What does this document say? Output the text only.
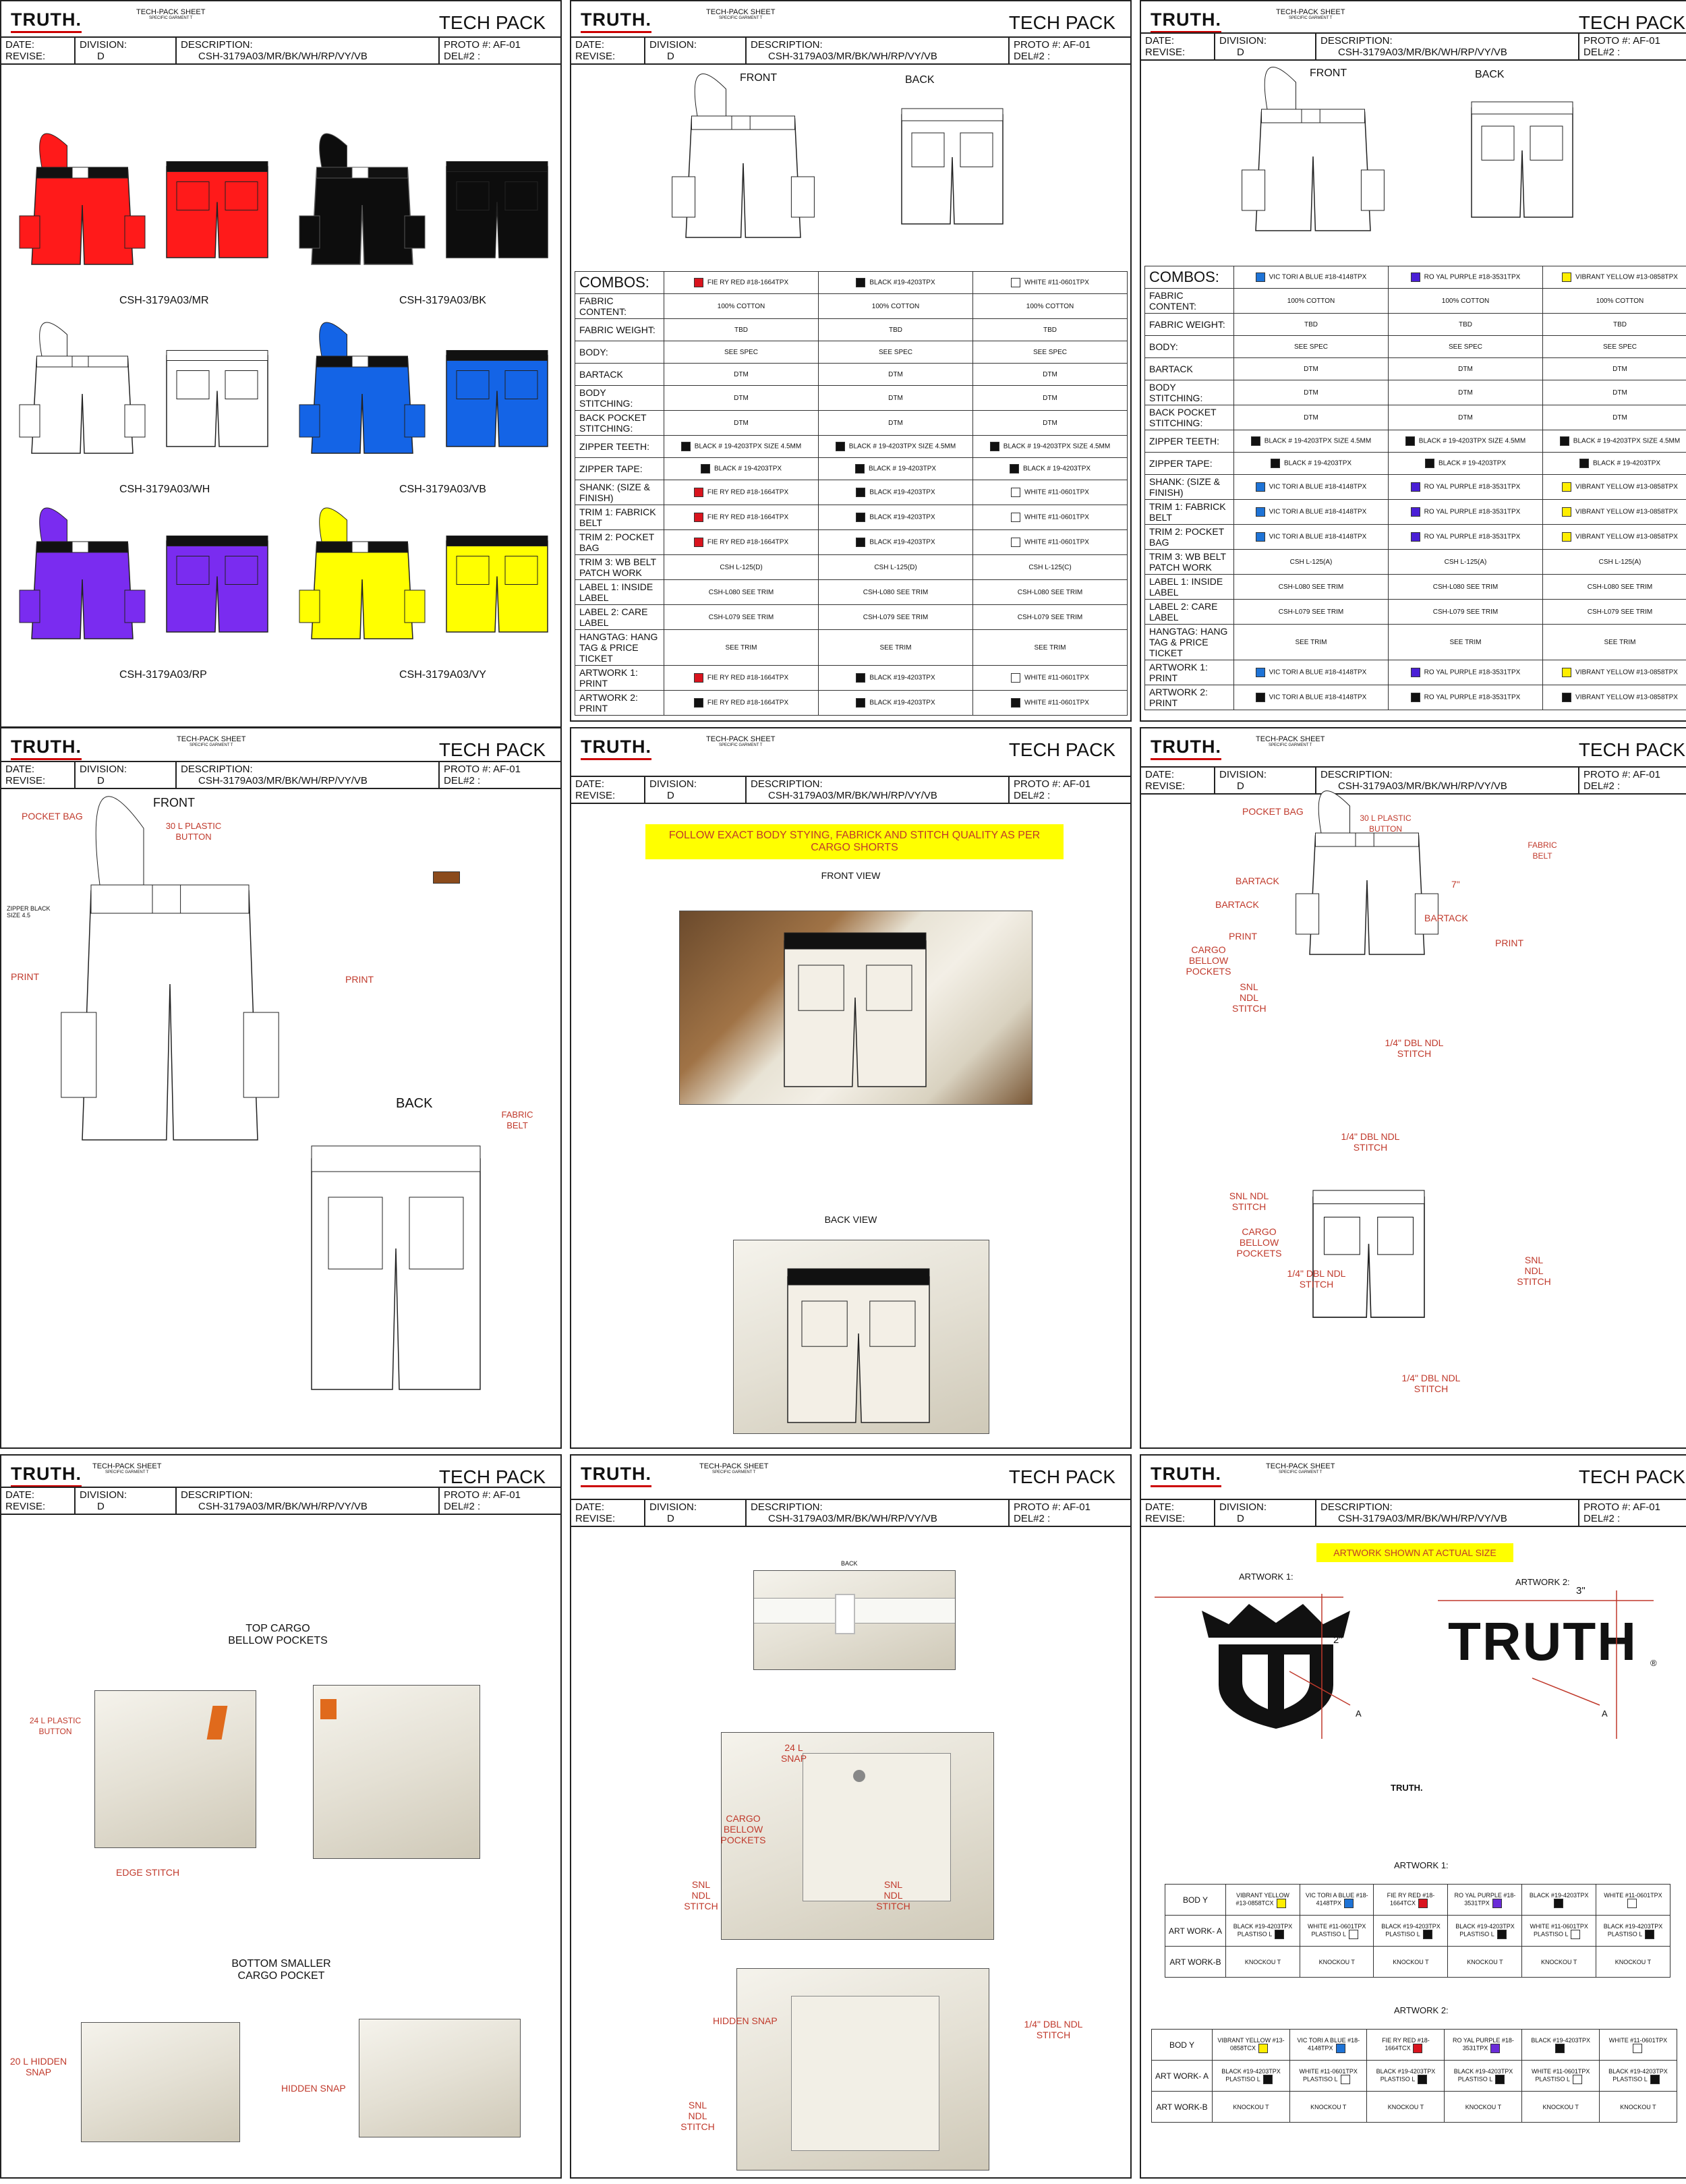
TRUTH.	TECH-PACK SHEET
SPECIFIC GARMENT T	TECH PACK
DATE:
REVISE:
DIVISION:
D
DESCRIPTION:
CSH-3179A03/MR/BK/WH/RP/VY/VB
PROTO #: AF-01
DEL#2 :
CSH-3179A03/MR	CSH-3179A03/BK
CSH-3179A03/WH	CSH-3179A03/VB
CSH-3179A03/RP	CSH-3179A03/VY
TRUTH.	TECH-PACK SHEET
SPECIFIC GARMENT T	TECH PACK
DATE:
REVISE:
DIVISION:
D
DESCRIPTION:
CSH-3179A03/MR/BK/WH/RP/VY/VB
PROTO #: AF-01
DEL#2 :
FRONT	BACK
COMBOS:	FIE RY RED #18-1664TPX	BLACK #19-4203TPX	WHITE #11-0601TPX
FABRIC CONTENT:	100% COTTON	100% COTTON	100% COTTON
FABRIC WEIGHT:	TBD	TBD	TBD
BODY:	SEE SPEC	SEE SPEC	SEE SPEC
BARTACK	DTM	DTM	DTM
BODY STITCHING:	DTM	DTM	DTM
BACK POCKET STITCHING:	DTM	DTM	DTM
ZIPPER TEETH:	BLACK # 19-4203TPX SIZE 4.5MM	BLACK # 19-4203TPX SIZE 4.5MM	BLACK # 19-4203TPX SIZE 4.5MM
ZIPPER TAPE:	BLACK # 19-4203TPX	BLACK # 19-4203TPX	BLACK # 19-4203TPX
SHANK: (SIZE & FINISH)	FIE RY RED #18-1664TPX	BLACK #19-4203TPX	WHITE #11-0601TPX
TRIM 1: FABRICK BELT	FIE RY RED #18-1664TPX	BLACK #19-4203TPX	WHITE #11-0601TPX
TRIM 2: POCKET BAG	FIE RY RED #18-1664TPX	BLACK #19-4203TPX	WHITE #11-0601TPX
TRIM 3: WB BELT PATCH WORK	CSH L-125(D)	CSH L-125(D)	CSH L-125(C)
LABEL 1: INSIDE LABEL	CSH-L080 SEE TRIM	CSH-L080 SEE TRIM	CSH-L080 SEE TRIM
LABEL 2: CARE LABEL	CSH-L079 SEE TRIM	CSH-L079 SEE TRIM	CSH-L079 SEE TRIM
HANGTAG: HANG TAG & PRICE TICKET	SEE TRIM	SEE TRIM	SEE TRIM
ARTWORK 1: PRINT	FIE RY RED #18-1664TPX	BLACK #19-4203TPX	WHITE #11-0601TPX
ARTWORK 2: PRINT	FIE RY RED #18-1664TPX	BLACK #19-4203TPX	WHITE #11-0601TPX
TRUTH.	TECH-PACK SHEET
SPECIFIC GARMENT T	TECH PACK
DATE:
REVISE:
DIVISION:
D
DESCRIPTION:
CSH-3179A03/MR/BK/WH/RP/VY/VB
PROTO #: AF-01
DEL#2 :
FRONT	BACK
COMBOS:	VIC TORI A BLUE #18-4148TPX	RO YAL PURPLE #18-3531TPX	VIBRANT YELLOW #13-0858TPX
FABRIC CONTENT:	100% COTTON	100% COTTON	100% COTTON
FABRIC WEIGHT:	TBD	TBD	TBD
BODY:	SEE SPEC	SEE SPEC	SEE SPEC
BARTACK	DTM	DTM	DTM
BODY STITCHING:	DTM	DTM	DTM
BACK POCKET STITCHING:	DTM	DTM	DTM
ZIPPER TEETH:	BLACK # 19-4203TPX SIZE 4.5MM	BLACK # 19-4203TPX SIZE 4.5MM	BLACK # 19-4203TPX SIZE 4.5MM
ZIPPER TAPE:	BLACK # 19-4203TPX	BLACK # 19-4203TPX	BLACK # 19-4203TPX
SHANK: (SIZE & FINISH)	VIC TORI A BLUE #18-4148TPX	RO YAL PURPLE #18-3531TPX	VIBRANT YELLOW #13-0858TPX
TRIM 1: FABRICK BELT	VIC TORI A BLUE #18-4148TPX	RO YAL PURPLE #18-3531TPX	VIBRANT YELLOW #13-0858TPX
TRIM 2: POCKET BAG	VIC TORI A BLUE #18-4148TPX	RO YAL PURPLE #18-3531TPX	VIBRANT YELLOW #13-0858TPX
TRIM 3: WB BELT PATCH WORK	CSH L-125(A)	CSH L-125(A)	CSH L-125(A)
LABEL 1: INSIDE LABEL	CSH-L080 SEE TRIM	CSH-L080 SEE TRIM	CSH-L080 SEE TRIM
LABEL 2: CARE LABEL	CSH-L079 SEE TRIM	CSH-L079 SEE TRIM	CSH-L079 SEE TRIM
HANGTAG: HANG TAG & PRICE TICKET	SEE TRIM	SEE TRIM	SEE TRIM
ARTWORK 1: PRINT	VIC TORI A BLUE #18-4148TPX	RO YAL PURPLE #18-3531TPX	VIBRANT YELLOW #13-0858TPX
ARTWORK 2: PRINT	VIC TORI A BLUE #18-4148TPX	RO YAL PURPLE #18-3531TPX	VIBRANT YELLOW #13-0858TPX
TRUTH.	TECH-PACK SHEET
SPECIFIC GARMENT T	TECH PACK
DATE:
REVISE:
DIVISION:
D
DESCRIPTION:
CSH-3179A03/MR/BK/WH/RP/VY/VB
PROTO #: AF-01
DEL#2 :
FRONT
BACK
POCKET BAG
30 L PLASTIC BUTTON
ZIPPER BLACK SIZE 4.5
PRINT	PRINT
FABRIC BELT
TRUTH.	TECH-PACK SHEET
SPECIFIC GARMENT T	TECH PACK
DATE:
REVISE:
DIVISION:
D
DESCRIPTION:
CSH-3179A03/MR/BK/WH/RP/VY/VB
PROTO #: AF-01
DEL#2 :
FOLLOW EXACT BODY STYING, FABRICK AND STITCH QUALITY AS PER CARGO SHORTS
FRONT VIEW
BACK VIEW
TRUTH.	TECH-PACK SHEET
SPECIFIC GARMENT T	TECH PACK
DATE:
REVISE:
DIVISION:
D
DESCRIPTION:
CSH-3179A03/MR/BK/WH/RP/VY/VB
PROTO #: AF-01
DEL#2 :
POCKET BAG
30 L PLASTIC BUTTON
FABRIC BELT
BARTACK
BARTACK
BARTACK
7"
PRINT
PRINT
CARGO BELLOW POCKETS
SNL NDL STITCH
1/4" DBL NDL STITCH
1/4" DBL NDL STITCH
SNL NDL STITCH
CARGO BELLOW POCKETS
1/4" DBL NDL STITCH
SNL NDL STITCH
1/4" DBL NDL STITCH
TRUTH. TECH-PACK SHEET
SPECIFIC GARMENT T	TECH PACK
DATE:
REVISE:
DIVISION:
D
DESCRIPTION:
CSH-3179A03/MR/BK/WH/RP/VY/VB
PROTO #: AF-01
DEL#2 :
TOP CARGO BELLOW POCKETS
24 L PLASTIC BUTTON
EDGE STITCH
BOTTOM SMALLER CARGO POCKET
20 L HIDDEN SNAP
HIDDEN SNAP
TRUTH.	TECH-PACK SHEET
SPECIFIC GARMENT T	TECH PACK
DATE:
REVISE:
DIVISION:
D
DESCRIPTION:
CSH-3179A03/MR/BK/WH/RP/VY/VB
PROTO #: AF-01
DEL#2 :
BACK
24 L SNAP
CARGO BELLOW POCKETS
SNL NDL STITCH
SNL NDL STITCH
HIDDEN SNAP	1/4" DBL NDL STITCH
SNL NDL STITCH
TRUTH.	TECH-PACK SHEET
SPECIFIC GARMENT T	TECH PACK
DATE:
REVISE:
DIVISION:
D
DESCRIPTION:
CSH-3179A03/MR/BK/WH/RP/VY/VB
PROTO #: AF-01
DEL#2 :
ARTWORK SHOWN AT ACTUAL SIZE
ARTWORK 1:
ARTWORK 2:
2"
A
3"
TRUTH ®
A
TRUTH.
ARTWORK 1:
BOD Y	VIBRANT YELLOW #13-0858TCX	VIC TORI A BLUE #18-4148TPX	FIE RY RED #18-1664TCX	RO YAL PURPLE #18-3531TPX	BLACK #19-4203TPX	WHITE #11-0601TPX
ART WORK- A	BLACK #19-4203TPX PLASTISO L	WHITE #11-0601TPX PLASTISO L	BLACK #19-4203TPX PLASTISO L	BLACK #19-4203TPX PLASTISO L	WHITE #11-0601TPX PLASTISO L	BLACK #19-4203TPX PLASTISO L
ART WORK-B	KNOCKOU T	KNOCKOU T	KNOCKOU T	KNOCKOU T	KNOCKOU T	KNOCKOU T
ARTWORK 2:
BOD Y	VIBRANT YELLOW #13-0858TCX	VIC TORI A BLUE #18-4148TPX	FIE RY RED #18-1664TCX	RO YAL PURPLE #18-3531TPX	BLACK #19-4203TPX	WHITE #11-0601TPX
ART WORK- A	BLACK #19-4203TPX PLASTISO L	WHITE #11-0601TPX PLASTISO L	BLACK #19-4203TPX PLASTISO L	BLACK #19-4203TPX PLASTISO L	WHITE #11-0601TPX PLASTISO L	BLACK #19-4203TPX PLASTISO L
ART WORK-B	KNOCKOU T	KNOCKOU T	KNOCKOU T	KNOCKOU T	KNOCKOU T	KNOCKOU T
